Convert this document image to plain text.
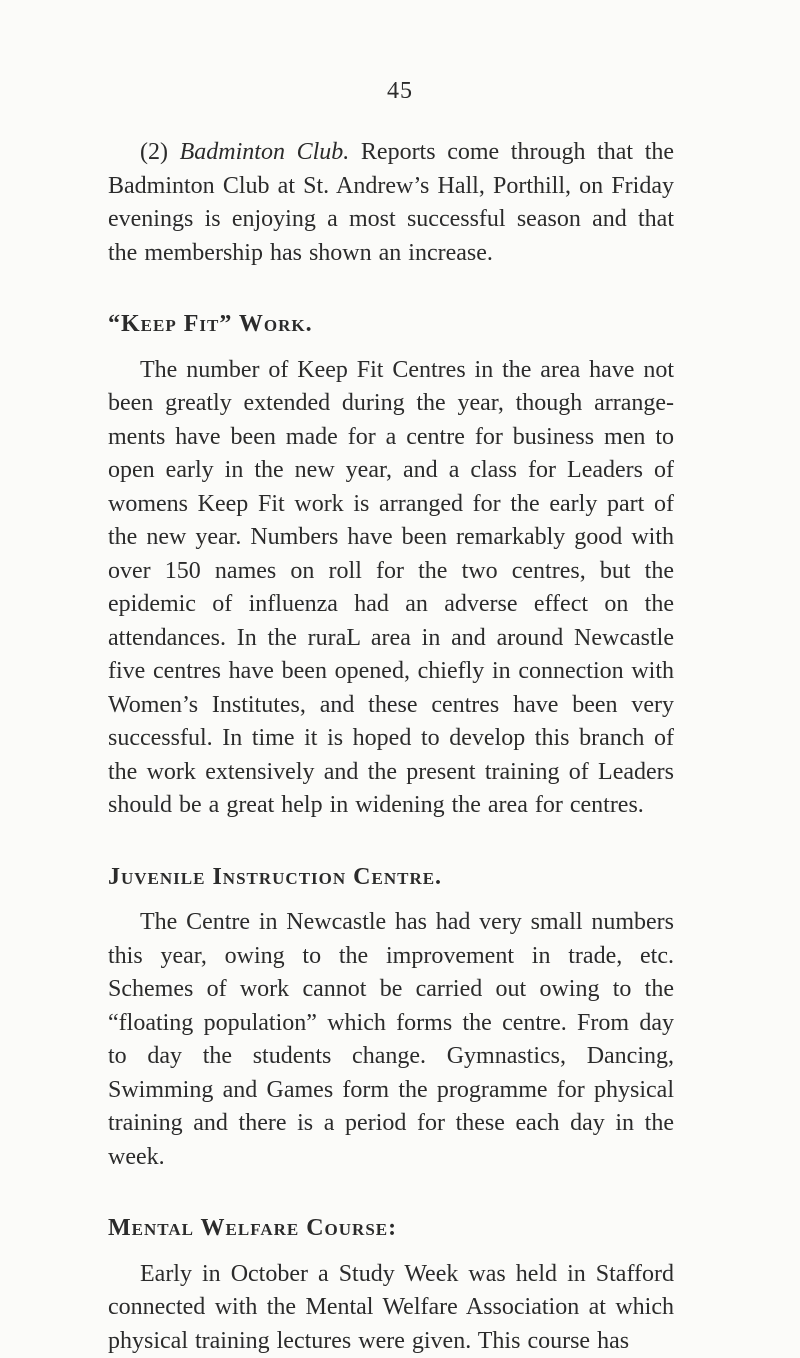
45

(2) Badminton Club. Reports come through that the Badminton Club at St. Andrew’s Hall, Porthill, on Friday evenings is enjoying a most successful season and that the membership has shown an increase.

“Keep Fit” Work.

The number of Keep Fit Centres in the area have not been greatly extended during the year, though arrange-ments have been made for a centre for business men to open early in the new year, and a class for Leaders of womens Keep Fit work is arranged for the early part of the new year. Numbers have been remarkably good with over 150 names on roll for the two centres, but the epidemic of influenza had an adverse effect on the attendances. In the ruraL area in and around Newcastle five centres have been opened, chiefly in connection with Women’s Institutes, and these centres have been very successful. In time it is hoped to develop this branch of the work extensively and the present training of Leaders should be a great help in widening the area for centres.

Juvenile Instruction Centre.

The Centre in Newcastle has had very small numbers this year, owing to the improvement in trade, etc. Schemes of work cannot be carried out owing to the “floating population” which forms the centre. From day to day the students change. Gymnastics, Dancing, Swimming and Games form the programme for physical training and there is a period for these each day in the week.

Mental Welfare Course:

Early in October a Study Week was held in Stafford connected with the Mental Welfare Association at which physical training lectures were given. This course has
